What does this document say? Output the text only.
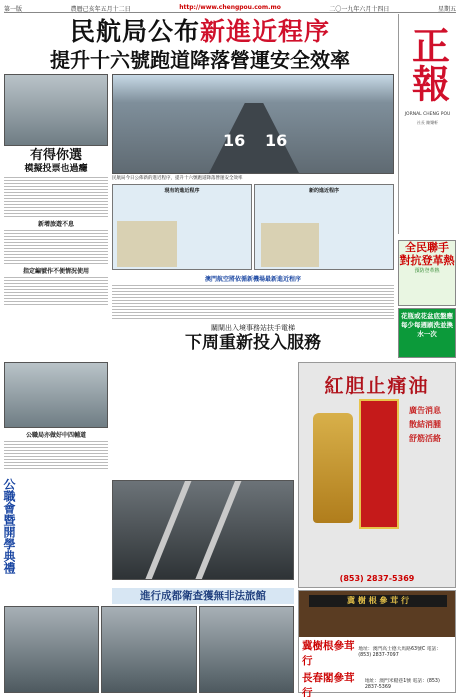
第一版	農曆己亥年五月十二日	http://www.chengpou.com.mo	二〇一九年六月十四日	星期五
民航局公布新進近程序
提升十六號跑道降落營運安全效率	正報
JORNAL CHENG POU
社長 陳樂軒
全民聯手 對抗登革熱
預防登革熱
花瓶或花盆底盤應每少每週刷洗並換水一次
有得你選
模擬投票也過癮
新增旅遊不息
指定編號作不便情況使用
16 16
民航局今日公佈新的進近程序，提升十六號跑道降落營運安全效率
現有的進近程序	新的進近程序
澳門航空將依循新機場最新進近程序
關閘出入境事務站扶手電梯
下周重新投入服務
公職局亦做好中四輔道
公職會暨開學典禮
紅胆止痛油
廣告消息
散結消腫
舒筋活絡
(853) 2837-5369
進行成都衛查獲無非法旅館	冀 樹 根 參 茸 行
冀樹根參茸行
地址：澳門高士德大馬路63號C 電話：(853) 2837-7097
長春閣參茸行
地址：澳門米糙巷1號 電話：(853) 2837-5369
